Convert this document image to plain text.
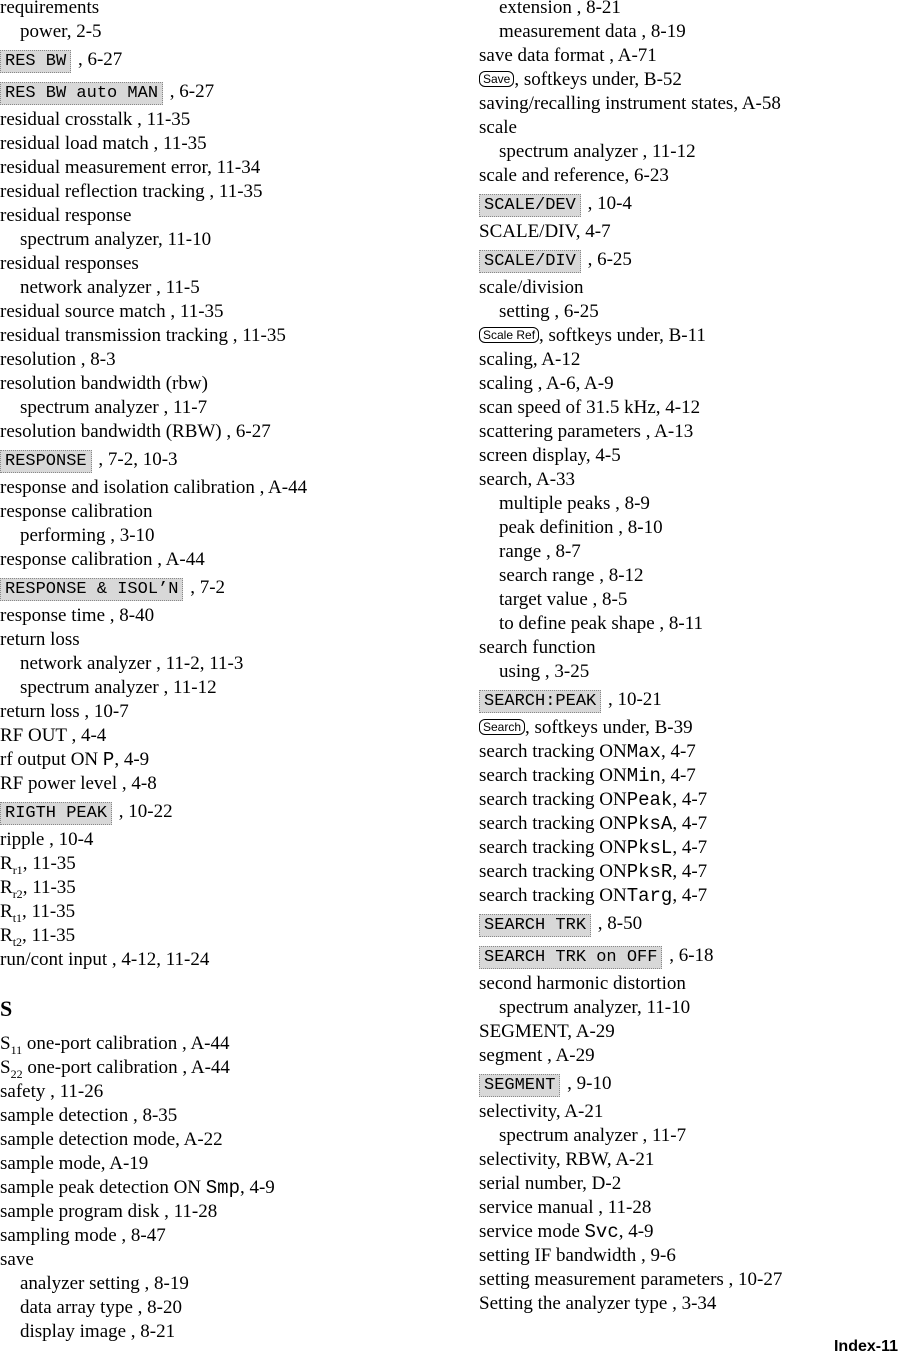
requirements
power, 2-5
RES BW , 6-27
RES BW auto MAN , 6-27
residual crosstalk , 11-35
residual load match , 11-35
residual measurement error, 11-34
residual reflection tracking , 11-35
residual response
spectrum analyzer, 11-10
residual responses
network analyzer , 11-5
residual source match , 11-35
residual transmission tracking , 11-35
resolution , 8-3
resolution bandwidth (rbw)
spectrum analyzer , 11-7
resolution bandwidth (RBW) , 6-27
RESPONSE , 7-2, 10-3
response and isolation calibration , A-44
response calibration
performing , 3-10
response calibration , A-44
RESPONSE & ISOL’N , 7-2
response time , 8-40
return loss
network analyzer , 11-2, 11-3
spectrum analyzer , 11-12
return loss , 10-7
RF OUT , 4-4
rf output ON P, 4-9
RF power level , 4-8
RIGTH PEAK , 10-22
ripple , 10-4
$R_{r1}$, 11-35
$R_{r2}$, 11-35
$R_{t1}$, 11-35
$R_{t2}$, 11-35
run/cont input , 4-12, 11-24
S
$S_{11}$ one-port calibration , A-44
$S_{22}$ one-port calibration , A-44
safety , 11-26
sample detection , 8-35
sample detection mode, A-22
sample mode, A-19
sample peak detection ON Smp, 4-9
sample program disk , 11-28
sampling mode , 8-47
save
analyzer setting , 8-19
data array type , 8-20
display image , 8-21
extension , 8-21
measurement data , 8-19
save data format , A-71
Save , softkeys under, B-52
saving/recalling instrument states, A-58
scale
spectrum analyzer , 11-12
scale and reference, 6-23
SCALE/DEV , 10-4
SCALE/DIV, 4-7
SCALE/DIV , 6-25
scale/division
setting , 6-25
Scale Ref , softkeys under, B-11
scaling, A-12
scaling , A-6, A-9
scan speed of 31.5 kHz, 4-12
scattering parameters , A-13
screen display, 4-5
search, A-33
multiple peaks , 8-9
peak definition , 8-10
range , 8-7
search range , 8-12
target value , 8-5
to define peak shape , 8-11
search function
using , 3-25
SEARCH:PEAK , 10-21
Search , softkeys under, B-39
search tracking ONMax, 4-7
search tracking ONMin, 4-7
search tracking ONPeak, 4-7
search tracking ONPksA, 4-7
search tracking ONPksL, 4-7
search tracking ONPksR, 4-7
search tracking ONTarg, 4-7
SEARCH TRK , 8-50
SEARCH TRK on OFF , 6-18
second harmonic distortion
spectrum analyzer, 11-10
SEGMENT, A-29
segment , A-29
SEGMENT , 9-10
selectivity, A-21
spectrum analyzer , 11-7
selectivity, RBW, A-21
serial number, D-2
service manual , 11-28
service mode Svc, 4-9
setting IF bandwidth , 9-6
setting measurement parameters , 10-27
Setting the analyzer type , 3-34
Index-11
